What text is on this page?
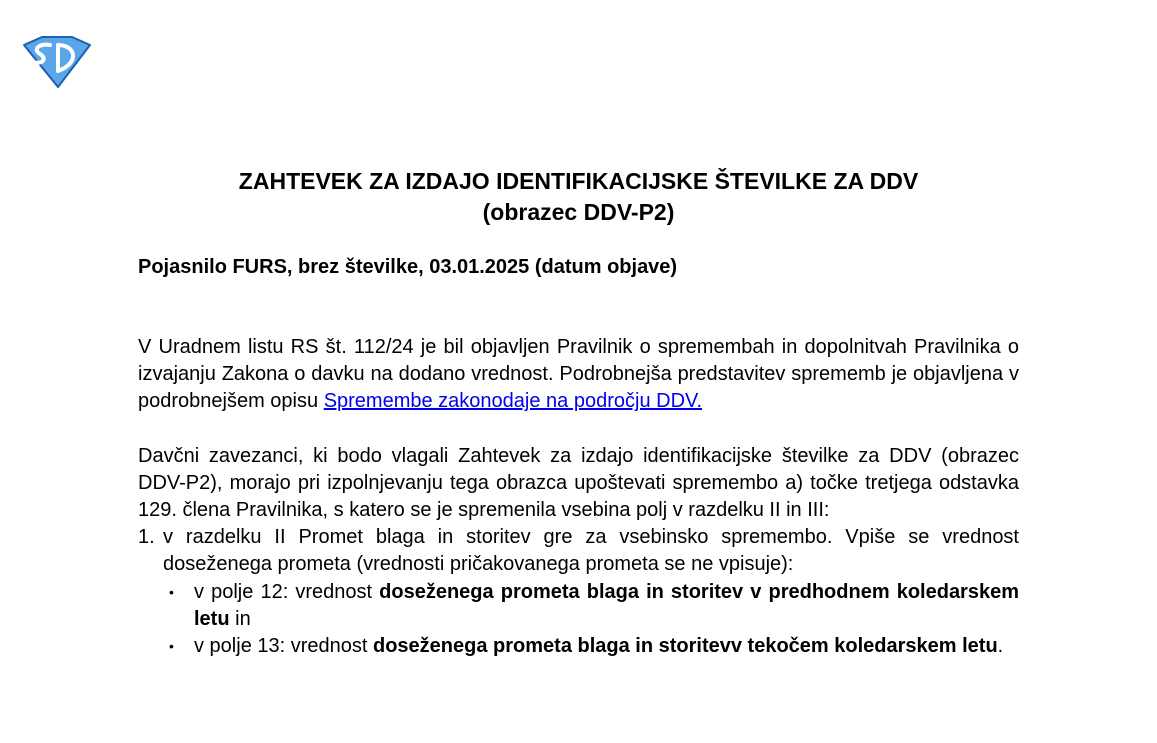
ZAHTEVEK ZA IZDAJO IDENTIFIKACIJSKE ŠTEVILKE ZA DDV
(obrazec DDV-P2)

Pojasnilo FURS, brez številke, 03.01.2025 (datum objave)

V Uradnem listu RS št. 112/24 je bil objavljen Pravilnik o spremembah in dopolnitvah Pravilnika o izvajanju Zakona o davku na dodano vrednost. Podrobnejša predstavitev sprememb je objavljena v podrobnejšem opisu Spremembe zakonodaje na področju DDV.

Davčni zavezanci, ki bodo vlagali Zahtevek za izdajo identifikacijske številke za DDV (obrazec DDV-P2), morajo pri izpolnjevanju tega obrazca upoštevati spremembo a) točke tretjega odstavka 129. člena Pravilnika, s katero se je spremenila vsebina polj v razdelku II in III:

1. v razdelku II Promet blaga in storitev gre za vsebinsko spremembo. Vpiše se vrednost doseženega prometa (vrednosti pričakovanega prometa se ne vpisuje):
• v polje 12: vrednost doseženega prometa blaga in storitev v predhodnem koledarskem letu in
• v polje 13: vrednost doseženega prometa blaga in storitevv tekočem koledarskem letu.
